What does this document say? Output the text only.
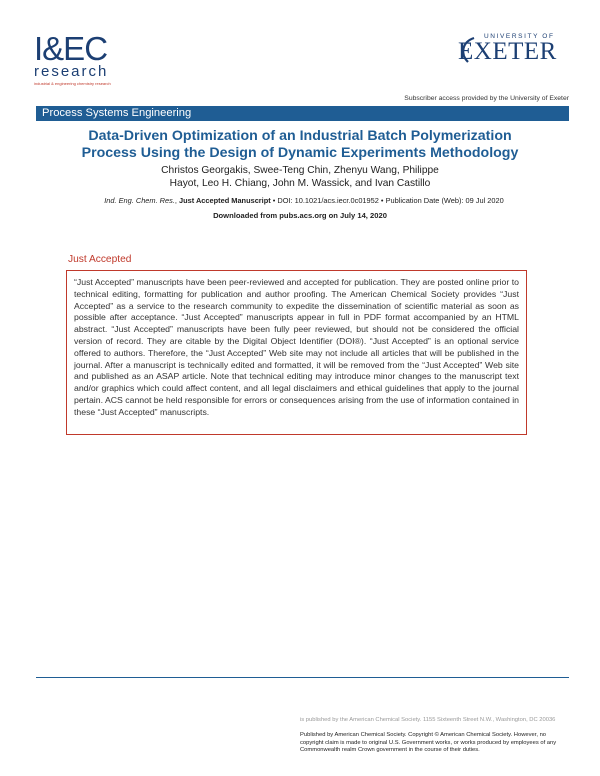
I&EC
research
industrial & engineering chemistry research
UNIVERSITY OF
EXETER
Subscriber access provided by the University of Exeter
Process Systems Engineering
Data-Driven Optimization of an Industrial Batch Polymerization
Process Using the Design of Dynamic Experiments Methodology
Christos Georgakis, Swee-Teng Chin, Zhenyu Wang, Philippe
Hayot, Leo H. Chiang, John M. Wassick, and Ivan Castillo
Ind. Eng. Chem. Res., Just Accepted Manuscript • DOI: 10.1021/acs.iecr.0c01952 • Publication Date (Web): 09 Jul 2020
Downloaded from pubs.acs.org on July 14, 2020
Just Accepted
“Just Accepted” manuscripts have been peer-reviewed and accepted for publication. They are posted online prior to technical editing, formatting for publication and author proofing. The American Chemical Society provides “Just Accepted” as a service to the research community to expedite the dissemination of scientific material as soon as possible after acceptance. “Just Accepted” manuscripts appear in full in PDF format accompanied by an HTML abstract. “Just Accepted” manuscripts have been fully peer reviewed, but should not be considered the official version of record. They are citable by the Digital Object Identifier (DOI®). “Just Accepted” is an optional service offered to authors. Therefore, the “Just Accepted” Web site may not include all articles that will be published in the journal. After a manuscript is technically edited and formatted, it will be removed from the “Just Accepted” Web site and published as an ASAP article. Note that technical editing may introduce minor changes to the manuscript text and/or graphics which could affect content, and all legal disclaimers and ethical guidelines that apply to the journal pertain. ACS cannot be held responsible for errors or consequences arising from the use of information contained in these “Just Accepted” manuscripts.
is published by the American Chemical Society. 1155 Sixteenth Street N.W., Washington, DC 20036
Published by American Chemical Society. Copyright © American Chemical Society. However, no copyright claim is made to original U.S. Government works, or works produced by employees of any Commonwealth realm Crown government in the course of their duties.
